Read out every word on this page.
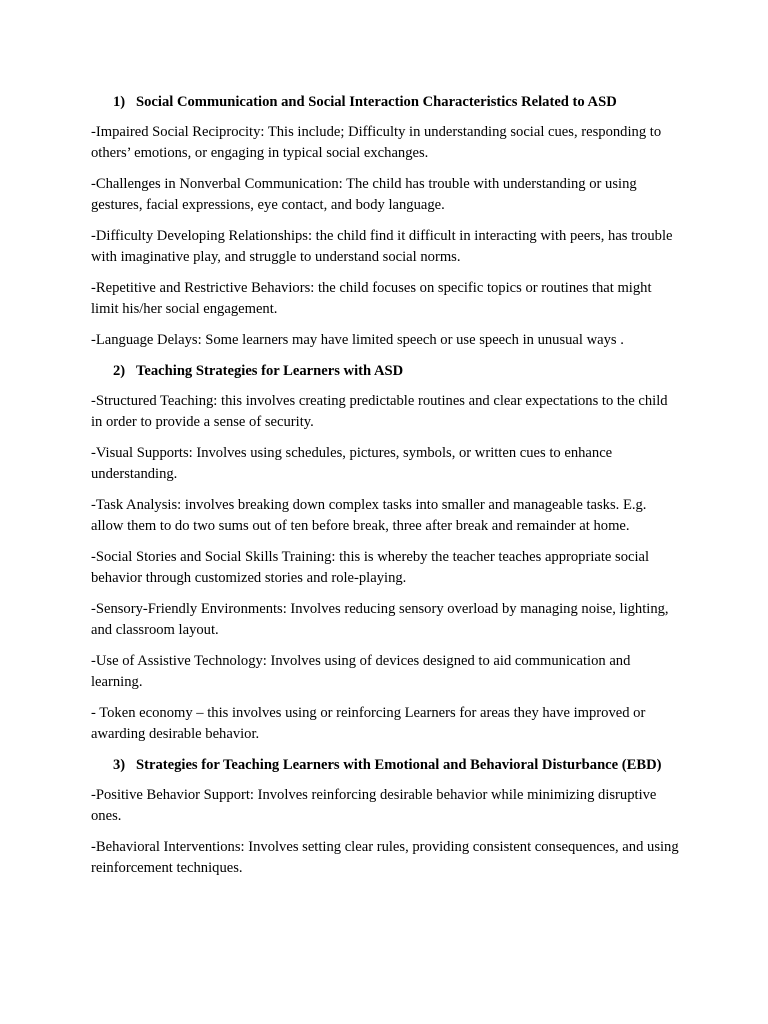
1) Social Communication and Social Interaction Characteristics Related to ASD

-Impaired Social Reciprocity: This include; Difficulty in understanding social cues, responding to others’ emotions, or engaging in typical social exchanges.

-Challenges in Nonverbal Communication: The child has trouble with understanding or using gestures, facial expressions, eye contact, and body language.

-Difficulty Developing Relationships: the child find it difficult in interacting with peers, has trouble with imaginative play, and struggle to understand social norms.

-Repetitive and Restrictive Behaviors: the child focuses on specific topics or routines that might limit his/her social engagement.

-Language Delays: Some learners may have limited speech or use speech in unusual ways .

2) Teaching Strategies for Learners with ASD

-Structured Teaching: this involves creating predictable routines and clear expectations to the child in order to provide a sense of security.

-Visual Supports: Involves using schedules, pictures, symbols, or written cues to enhance understanding.

-Task Analysis: involves breaking down complex tasks into smaller and manageable tasks. E.g. allow them to do two sums out of ten before break, three after break and remainder at home.

-Social Stories and Social Skills Training: this is whereby the teacher teaches appropriate social behavior through customized stories and role-playing.

-Sensory-Friendly Environments: Involves reducing sensory overload by managing noise, lighting, and classroom layout.

-Use of Assistive Technology: Involves using of devices designed to aid communication and learning.

- Token economy – this involves using or reinforcing Learners for areas they have improved or awarding desirable behavior.

3) Strategies for Teaching Learners with Emotional and Behavioral Disturbance (EBD)

-Positive Behavior Support: Involves reinforcing desirable behavior while minimizing disruptive ones.

-Behavioral Interventions: Involves setting clear rules, providing consistent consequences, and using reinforcement techniques.
